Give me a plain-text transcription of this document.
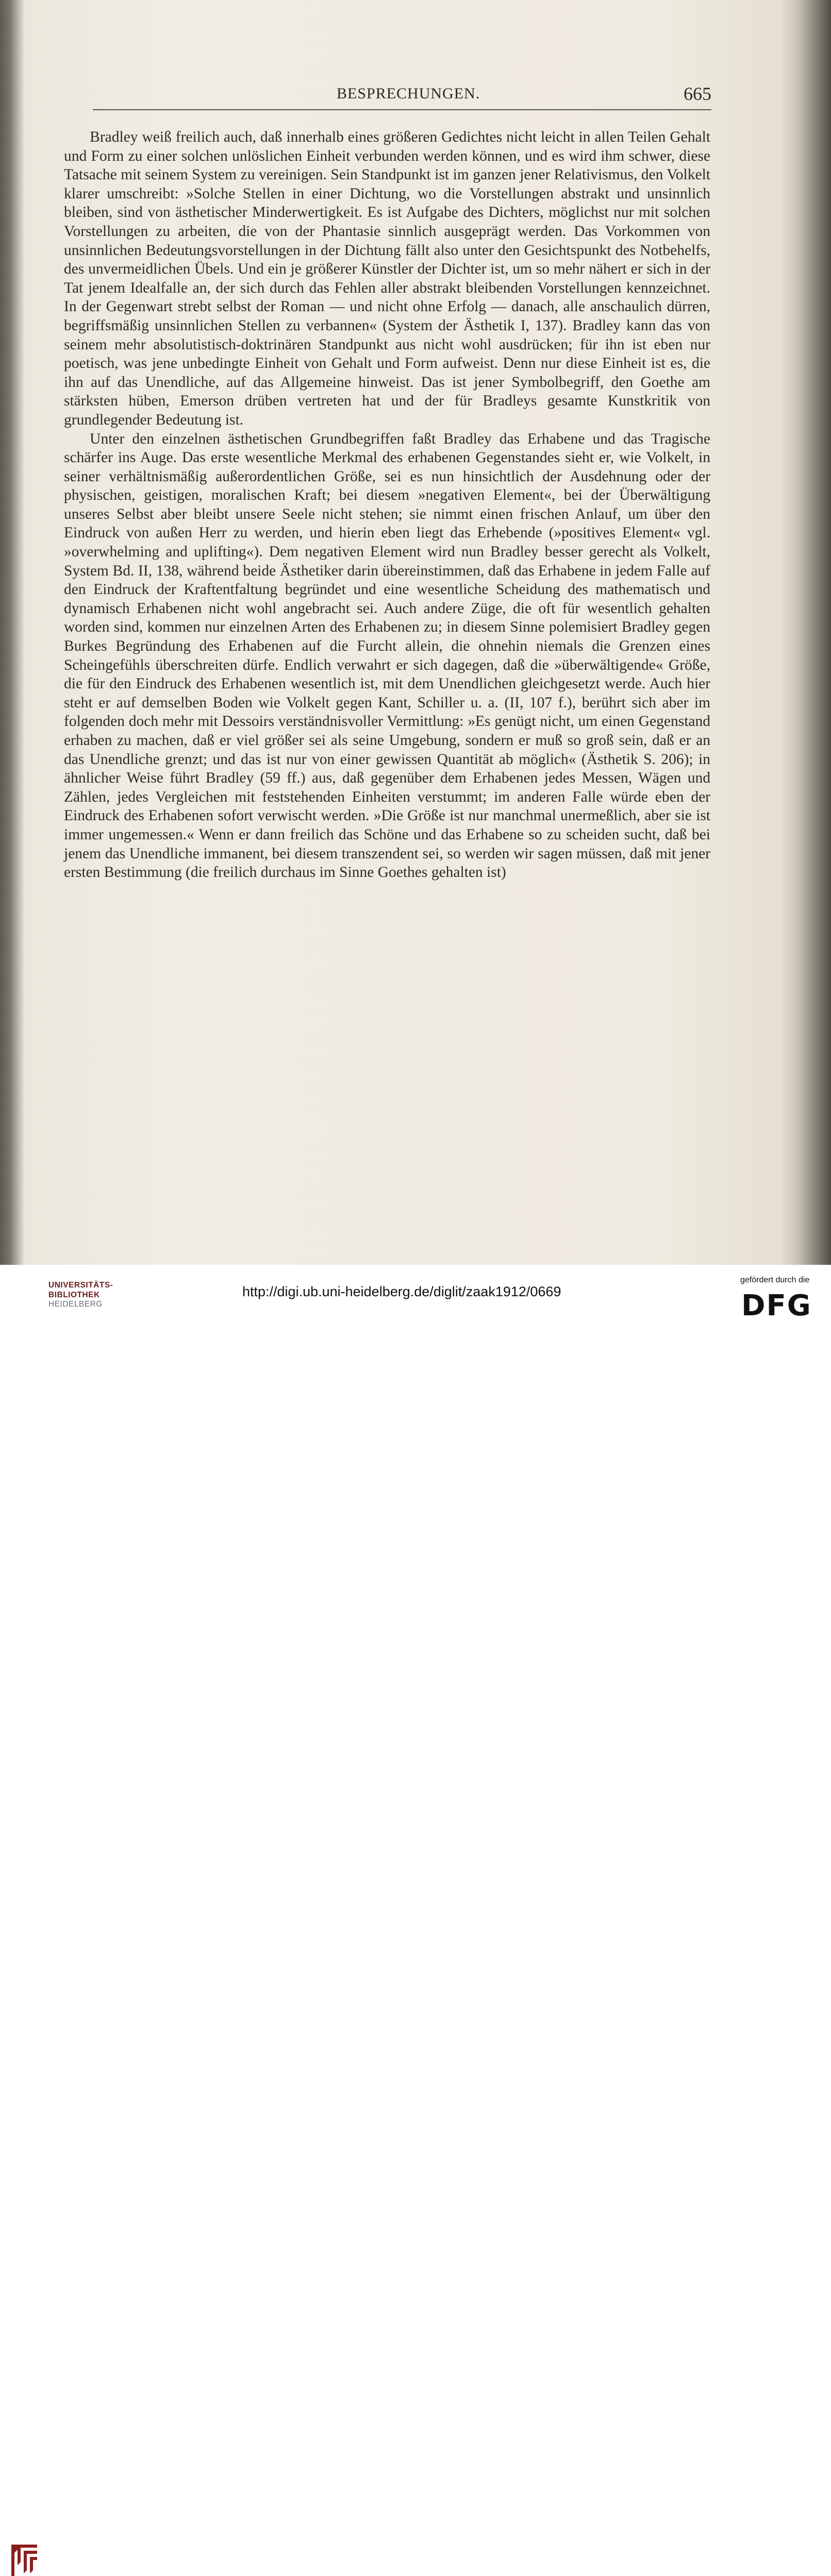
BESPRECHUNGEN.	665

Bradley weiß freilich auch, daß innerhalb eines größeren Gedichtes nicht leicht in allen Teilen Gehalt und Form zu einer solchen unlöslichen Einheit verbunden werden können, und es wird ihm schwer, diese Tatsache mit seinem System zu vereinigen. Sein Standpunkt ist im ganzen jener Relativismus, den Volkelt klarer umschreibt: »Solche Stellen in einer Dichtung, wo die Vorstellungen abstrakt und unsinnlich bleiben, sind von ästhetischer Minderwertigkeit. Es ist Aufgabe des Dichters, möglichst nur mit solchen Vorstellungen zu arbeiten, die von der Phantasie sinnlich ausgeprägt werden. Das Vorkommen von unsinnlichen Bedeutungsvorstellungen in der Dichtung fällt also unter den Gesichtspunkt des Notbehelfs, des unvermeidlichen Übels. Und ein je größerer Künstler der Dichter ist, um so mehr nähert er sich in der Tat jenem Idealfalle an, der sich durch das Fehlen aller abstrakt bleibenden Vorstellungen kennzeichnet. In der Gegenwart strebt selbst der Roman — und nicht ohne Erfolg — danach, alle anschaulich dürren, begriffsmäßig unsinnlichen Stellen zu verbannen« (System der Ästhetik I, 137). Bradley kann das von seinem mehr absolutistisch-doktrinären Standpunkt aus nicht wohl ausdrücken; für ihn ist eben nur poetisch, was jene unbedingte Einheit von Gehalt und Form aufweist. Denn nur diese Einheit ist es, die ihn auf das Unendliche, auf das Allgemeine hinweist. Das ist jener Symbolbegriff, den Goethe am stärksten hüben, Emerson drüben vertreten hat und der für Bradleys gesamte Kunstkritik von grundlegender Bedeutung ist.

Unter den einzelnen ästhetischen Grundbegriffen faßt Bradley das Erhabene und das Tragische schärfer ins Auge. Das erste wesentliche Merkmal des erhabenen Gegenstandes sieht er, wie Volkelt, in seiner verhältnismäßig außerordentlichen Größe, sei es nun hinsichtlich der Ausdehnung oder der physischen, geistigen, moralischen Kraft; bei diesem »negativen Element«, bei der Überwältigung unseres Selbst aber bleibt unsere Seele nicht stehen; sie nimmt einen frischen Anlauf, um über den Eindruck von außen Herr zu werden, und hierin eben liegt das Erhebende (»positives Element« vgl. »overwhelming and uplifting«). Dem negativen Element wird nun Bradley besser gerecht als Volkelt, System Bd. II, 138, während beide Ästhetiker darin übereinstimmen, daß das Erhabene in jedem Falle auf den Eindruck der Kraftentfaltung begründet und eine wesentliche Scheidung des mathematisch und dynamisch Erhabenen nicht wohl angebracht sei. Auch andere Züge, die oft für wesentlich gehalten worden sind, kommen nur einzelnen Arten des Erhabenen zu; in diesem Sinne polemisiert Bradley gegen Burkes Begründung des Erhabenen auf die Furcht allein, die ohnehin niemals die Grenzen eines Scheingefühls überschreiten dürfe. Endlich verwahrt er sich dagegen, daß die »überwältigende« Größe, die für den Eindruck des Erhabenen wesentlich ist, mit dem Unendlichen gleichgesetzt werde. Auch hier steht er auf demselben Boden wie Volkelt gegen Kant, Schiller u. a. (II, 107 f.), berührt sich aber im folgenden doch mehr mit Dessoirs verständnisvoller Vermittlung: »Es genügt nicht, um einen Gegenstand erhaben zu machen, daß er viel größer sei als seine Umgebung, sondern er muß so groß sein, daß er an das Unendliche grenzt; und das ist nur von einer gewissen Quantität ab möglich« (Ästhetik S. 206); in ähnlicher Weise führt Bradley (59 ff.) aus, daß gegenüber dem Erhabenen jedes Messen, Wägen und Zählen, jedes Vergleichen mit feststehenden Einheiten verstummt; im anderen Falle würde eben der Eindruck des Erhabenen sofort verwischt werden. »Die Größe ist nur manchmal unermeßlich, aber sie ist immer ungemessen.« Wenn er dann freilich das Schöne und das Erhabene so zu scheiden sucht, daß bei jenem das Unendliche immanent, bei diesem transzendent sei, so werden wir sagen müssen, daß mit jener ersten Bestimmung (die freilich durchaus im Sinne Goethes gehalten ist)

UNIVERSITÄTS-
BIBLIOTHEK
HEIDELBERG
http://digi.ub.uni-heidelberg.de/diglit/zaak1912/0669
gefördert durch die
DFG
